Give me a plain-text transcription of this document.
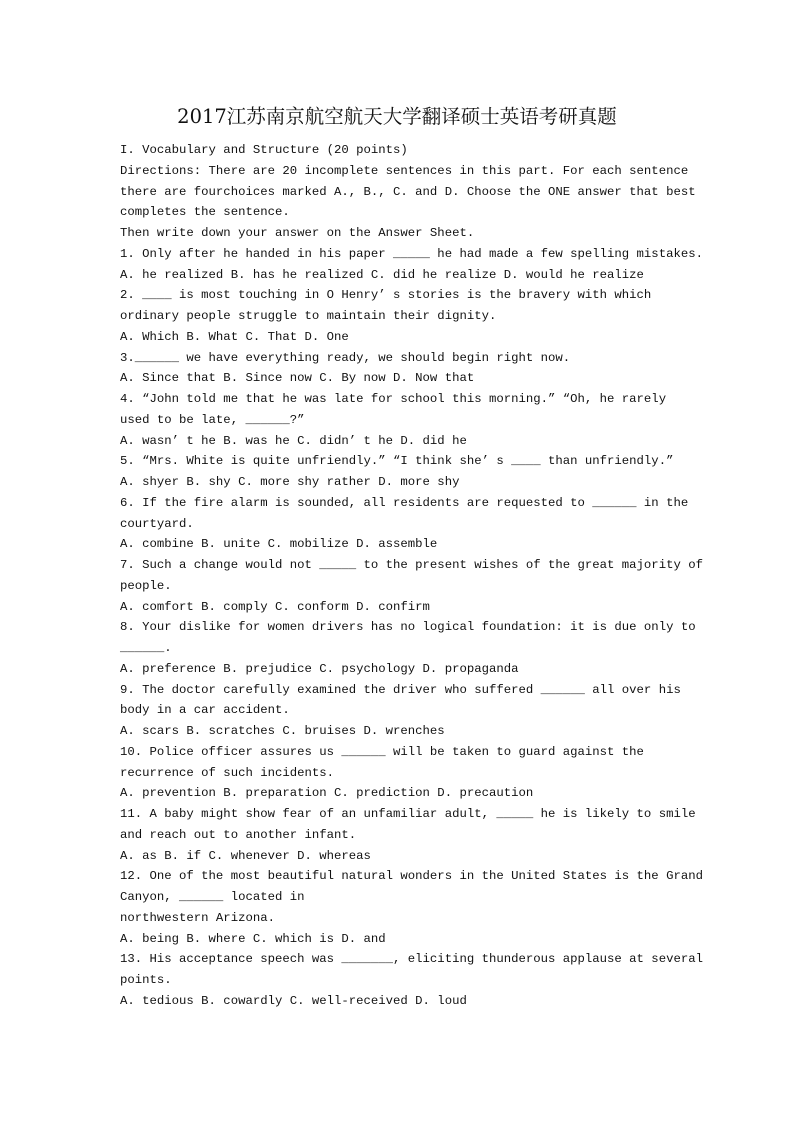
2017江苏南京航空航天大学翻译硕士英语考研真题
I. Vocabulary and Structure (20 points)
Directions: There are 20 incomplete sentences in this part. For each sentence
there are fourchoices marked A., B., C. and D. Choose the ONE answer that best
completes the sentence.
Then write down your answer on the Answer Sheet.
1. Only after he handed in his paper _____ he had made a few spelling mistakes.
A. he realized B. has he realized C. did he realize D. would he realize
2. ____ is most touching in O Henry’ s stories is the bravery with which
ordinary people struggle to maintain their dignity.
A. Which B. What C. That D. One
3.______ we have everything ready, we should begin right now.
A. Since that B. Since now C. By now D. Now that
4. “John told me that he was late for school this morning.” “Oh, he rarely
used to be late, ______?”
A. wasn’ t he B. was he C. didn’ t he D. did he
5. “Mrs. White is quite unfriendly.” “I think she’ s ____ than unfriendly.”
A. shyer B. shy C. more shy rather D. more shy
6. If the fire alarm is sounded, all residents are requested to ______ in the
courtyard.
A. combine B. unite C. mobilize D. assemble
7. Such a change would not _____ to the present wishes of the great majority of
people.
A. comfort B. comply C. conform D. confirm
8. Your dislike for women drivers has no logical foundation: it is due only to
______.
A. preference B. prejudice C. psychology D. propaganda
9. The doctor carefully examined the driver who suffered ______ all over his
body in a car accident.
A. scars B. scratches C. bruises D. wrenches
10. Police officer assures us ______ will be taken to guard against the
recurrence of such incidents.
A. prevention B. preparation C. prediction D. precaution
11. A baby might show fear of an unfamiliar adult, _____ he is likely to smile
and reach out to another infant.
A. as B. if C. whenever D. whereas
12. One of the most beautiful natural wonders in the United States is the Grand
Canyon, ______ located in
northwestern Arizona.
A. being B. where C. which is D. and
13. His acceptance speech was _______, eliciting thunderous applause at several
points.
A. tedious B. cowardly C. well-received D. loud
